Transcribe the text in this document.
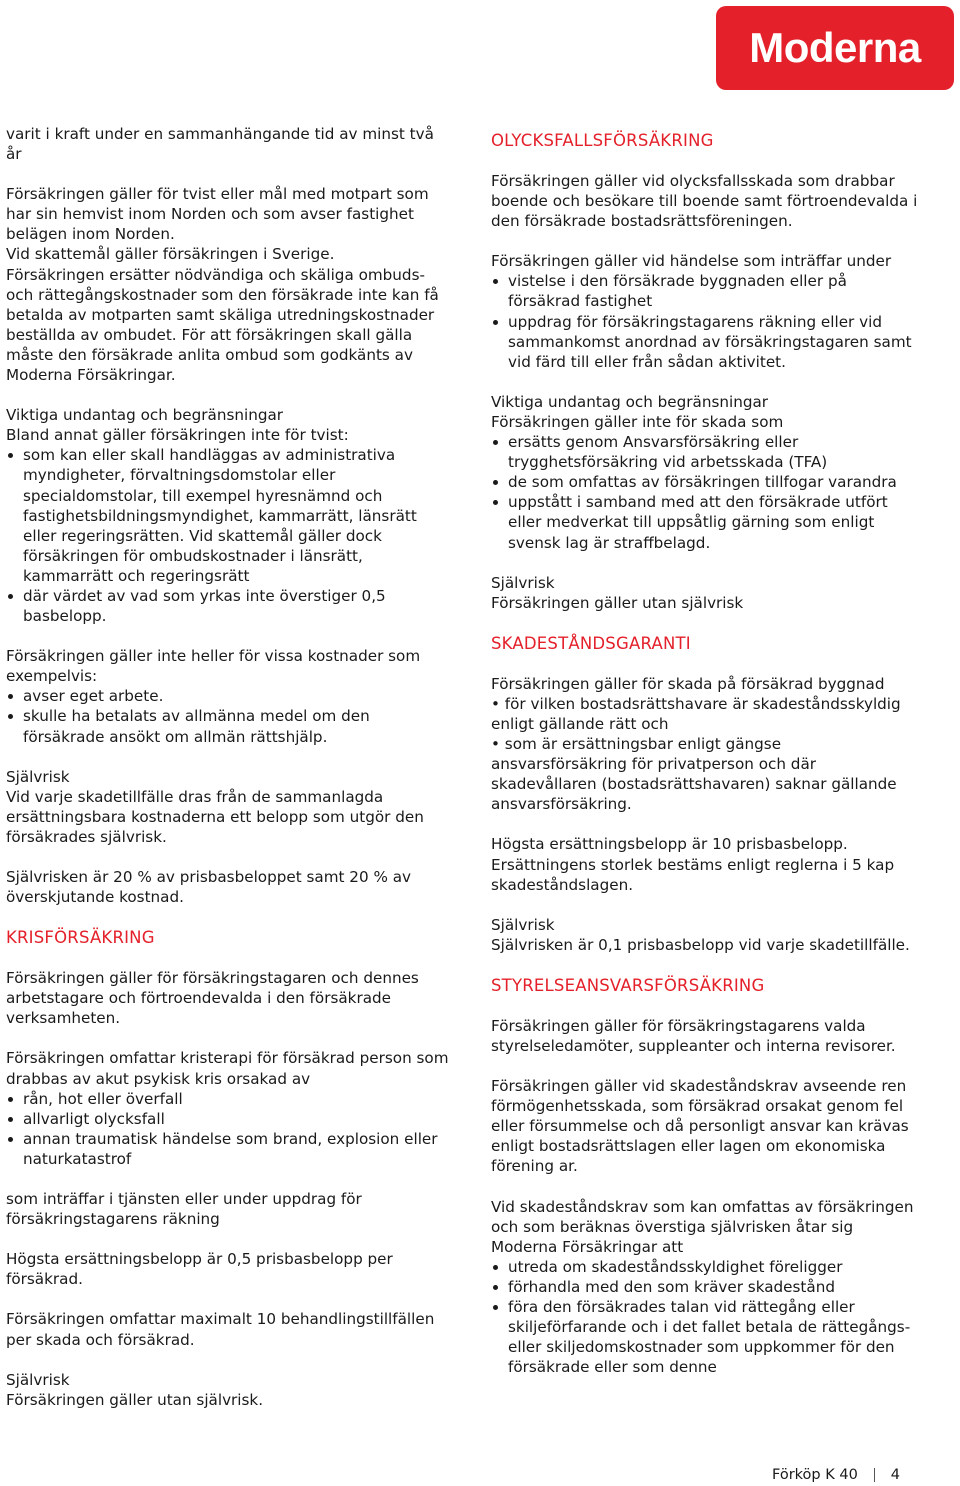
Moderna

varit i kraft under en sammanhängande tid av minst två år

Försäkringen gäller för tvist eller mål med motpart som har sin hemvist inom Norden och som avser fastighet belägen inom Norden.

Vid skattemål gäller försäkringen i Sverige.

Försäkringen ersätter nödvändiga och skäliga ombuds- och rättegångskostnader som den försäkrade inte kan få betalda av motparten samt skäliga utredningskostnader beställda av ombudet. För att försäkringen skall gälla måste den försäkrade anlita ombud som godkänts av Moderna Försäkringar.

Viktiga undantag och begränsningar

Bland annat gäller försäkringen inte för tvist:

som kan eller skall handläggas av administrativa myndigheter, förvaltningsdomstolar eller specialdomstolar, till exempel hyresnämnd och fastighetsbildningsmyndighet, kammarrätt, länsrätt eller regeringsrätten. Vid skattemål gäller dock försäkringen för ombudskostnader i länsrätt, kammarrätt och regeringsrätt
där värdet av vad som yrkas inte överstiger 0,5 basbelopp.

Försäkringen gäller inte heller för vissa kostnader som exempelvis:

avser eget arbete.
skulle ha betalats av allmänna medel om den försäkrade ansökt om allmän rättshjälp.

Självrisk

Vid varje skadetillfälle dras från de sammanlagda ersättningsbara kostnaderna ett belopp som utgör den försäkrades självrisk.

Självrisken är 20 % av prisbasbeloppet samt 20 % av överskjutande kostnad.

KRISFÖRSÄKRING

Försäkringen gäller för försäkringstagaren och dennes arbetstagare och förtroendevalda i den försäkrade verksamheten.

Försäkringen omfattar kristerapi för försäkrad person som drabbas av akut psykisk kris orsakad av

rån, hot eller överfall
allvarligt olycksfall
annan traumatisk händelse som brand, explosion eller naturkatastrof

som inträffar i tjänsten eller under uppdrag för försäkringstagarens räkning

Högsta ersättningsbelopp är 0,5 prisbasbelopp per försäkrad.

Försäkringen omfattar maximalt 10 behandlingstillfällen per skada och försäkrad.

Självrisk

Försäkringen gäller utan självrisk.

OLYCKSFALLSFÖRSÄKRING

Försäkringen gäller vid olycksfallsskada som drabbar boende och besökare till boende samt förtroendevalda i den försäkrade bostadsrättsföreningen.

Försäkringen gäller vid händelse som inträffar under

vistelse i den försäkrade byggnaden eller på försäkrad fastighet
uppdrag för försäkringstagarens räkning eller vid sammankomst anordnad av försäkringstagaren samt vid färd till eller från sådan aktivitet.

Viktiga undantag och begränsningar

Försäkringen gäller inte för skada som

ersätts genom Ansvarsförsäkring eller trygghetsförsäkring vid arbetsskada (TFA)
de som omfattas av försäkringen tillfogar varandra
uppstått i samband med att den försäkrade utfört eller medverkat till uppsåtlig gärning som enligt svensk lag är straffbelagd.

Självrisk

Försäkringen gäller utan självrisk

SKADESTÅNDSGARANTI

Försäkringen gäller för skada på försäkrad byggnad

• för vilken bostadsrättshavare är skadeståndsskyldig enligt gällande rätt och
• som är ersättningsbar enligt gängse ansvarsförsäkring för privatperson och där skadevållaren (bostadsrättshavaren) saknar gällande ansvarsförsäkring.

Högsta ersättningsbelopp är 10 prisbasbelopp. Ersättningens storlek bestäms enligt reglerna i 5 kap skadeståndslagen.

Självrisk

Självrisken är 0,1 prisbasbelopp vid varje skadetillfälle.

STYRELSEANSVARSFÖRSÄKRING

Försäkringen gäller för försäkringstagarens valda styrelseledamöter, suppleanter och interna revisorer.

Försäkringen gäller vid skadeståndskrav avseende ren förmögenhetsskada, som försäkrad orsakat genom fel eller försummelse och då personligt ansvar kan krävas enligt bostadsrättslagen eller lagen om ekonomiska förening ar.

Vid skadeståndskrav som kan omfattas av försäkringen och som beräknas överstiga självrisken åtar sig Moderna Försäkringar att

utreda om skadeståndsskyldighet föreligger
förhandla med den som kräver skadestånd
föra den försäkrades talan vid rättegång eller skiljeförfarande och i det fallet betala de rättegångs- eller skiljedomskostnader som uppkommer för den försäkrade eller som denne
Förköp K 40 4
